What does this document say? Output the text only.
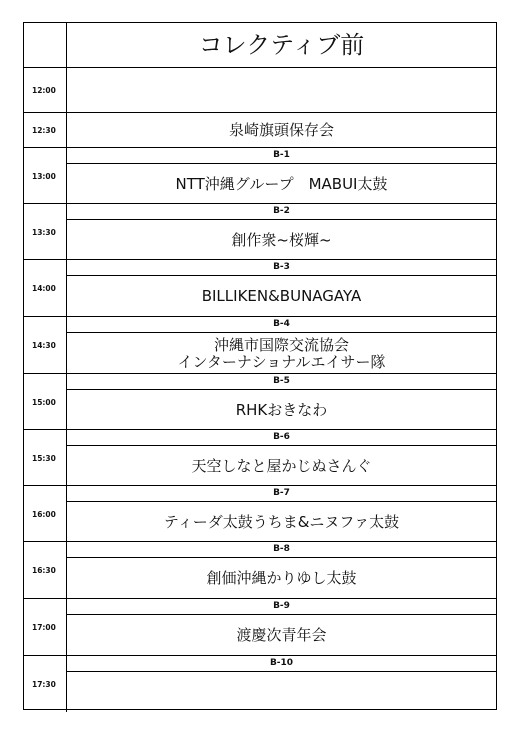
コレクティブ前
12:00
12:30	泉崎旗頭保存会
13:00
B-1
NTT沖縄グループ　MABUI太鼓
13:30
B-2
創作衆~桜輝~
14:00
B-3
BILLIKEN&BUNAGAYA
14:30
B-4
沖縄市国際交流協会
インターナショナルエイサー隊
15:00
B-5
RHKおきなわ
15:30
B-6
天空しなと屋かじぬさんぐ
16:00
B-7
ティーダ太鼓うちま&ニヌファ太鼓
16:30
B-8
創価沖縄かりゆし太鼓
17:00
B-9
渡慶次青年会
17:30
B-10
